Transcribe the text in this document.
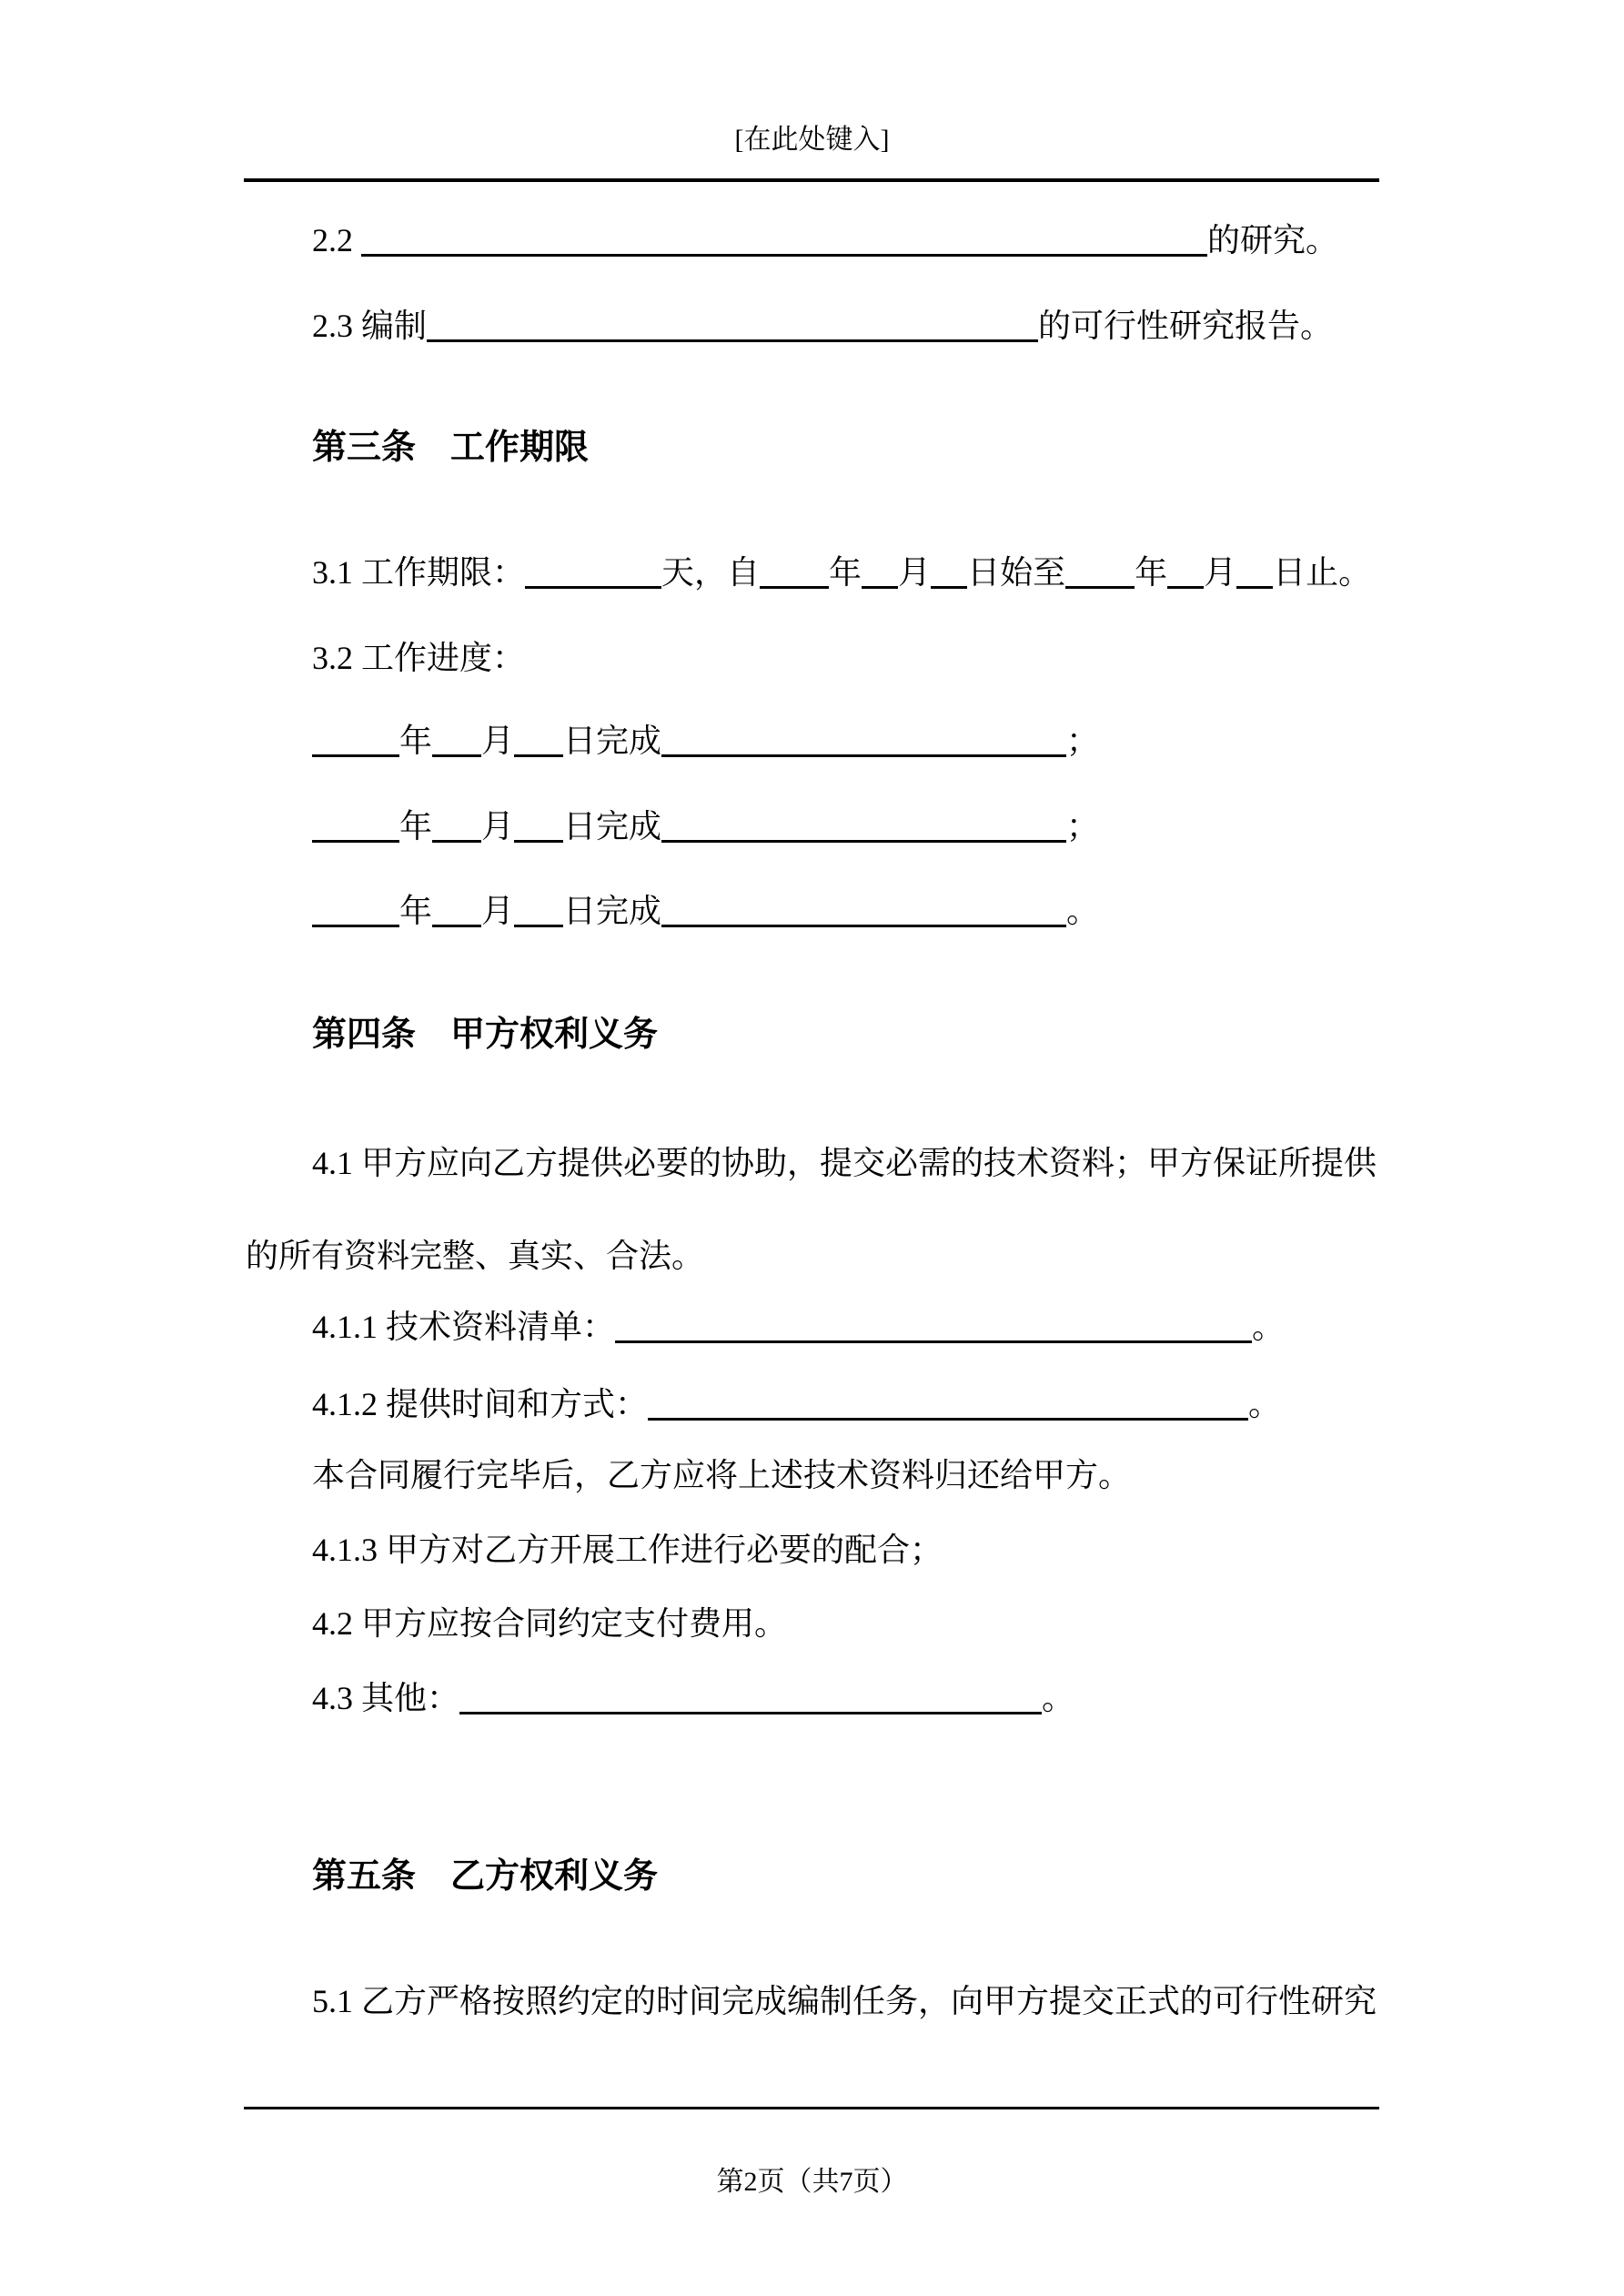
[在此处键入]
2.2	的研究。
2.3 编制	的可行性研究报告。
第三条　工作期限
3.1 工作期限：	天，自 年 月 日始至 年 月 日止。
3.2 工作进度：
年 月 日完成	；
年 月 日完成	；
年 月 日完成	。
第四条　甲方权利义务
4.1 甲方应向乙方提供必要的协助，提交必需的技术资料；甲方保证所提供
的所有资料完整、真实、合法。
4.1.1 技术资料清单：	。
4.1.2 提供时间和方式：	。
本合同履行完毕后，乙方应将上述技术资料归还给甲方。
4.1.3 甲方对乙方开展工作进行必要的配合；
4.2 甲方应按合同约定支付费用。
4.3 其他：	。
第五条　乙方权利义务
5.1 乙方严格按照约定的时间完成编制任务，向甲方提交正式的可行性研究
第2页（共7页）
